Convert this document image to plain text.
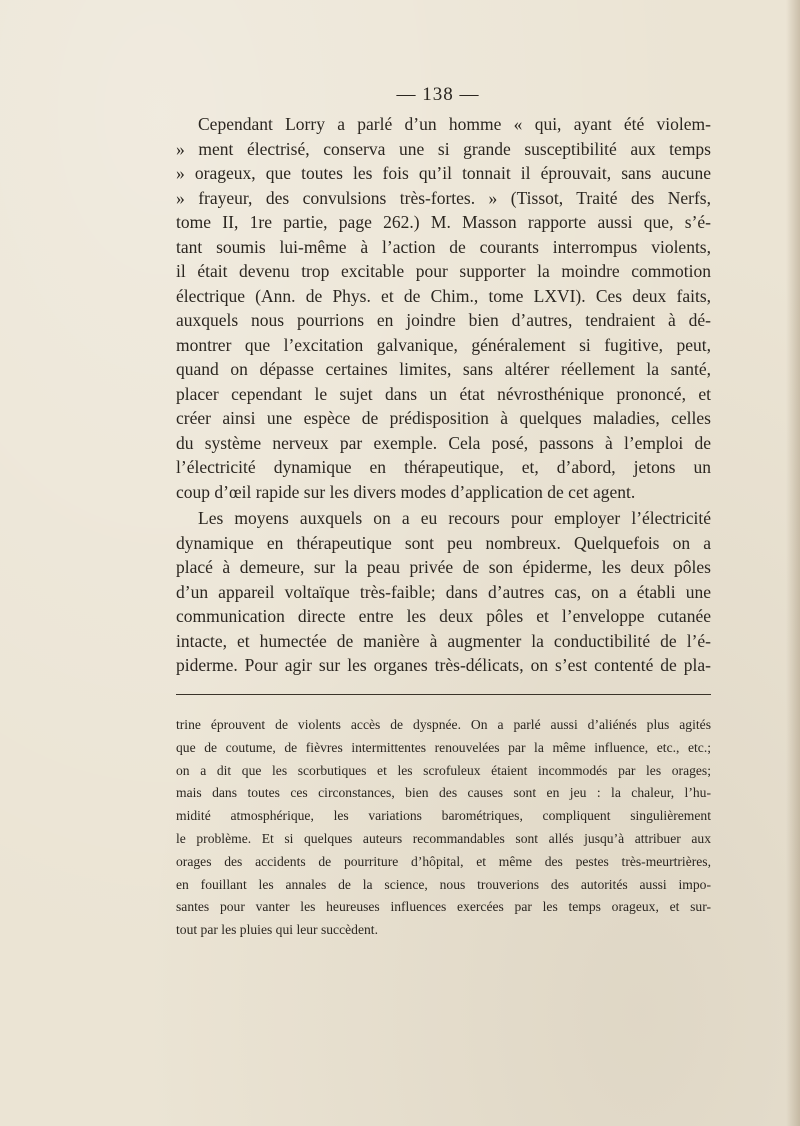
— 138 —
Cependant Lorry a parlé d’un homme « qui, ayant été violem-
» ment électrisé, conserva une si grande susceptibilité aux temps
» orageux, que toutes les fois qu’il tonnait il éprouvait, sans aucune
» frayeur, des convulsions très-fortes. » (Tissot, Traité des Nerfs,
tome II, 1re partie, page 262.) M. Masson rapporte aussi que, s’é-
tant soumis lui-même à l’action de courants interrompus violents,
il était devenu trop excitable pour supporter la moindre commotion
électrique (Ann. de Phys. et de Chim., tome LXVI). Ces deux faits,
auxquels nous pourrions en joindre bien d’autres, tendraient à dé-
montrer que l’excitation galvanique, généralement si fugitive, peut,
quand on dépasse certaines limites, sans altérer réellement la santé,
placer cependant le sujet dans un état névrosthénique prononcé, et
créer ainsi une espèce de prédisposition à quelques maladies, celles
du système nerveux par exemple. Cela posé, passons à l’emploi de
l’électricité dynamique en thérapeutique, et, d’abord, jetons un
coup d’œil rapide sur les divers modes d’application de cet agent.
Les moyens auxquels on a eu recours pour employer l’électricité
dynamique en thérapeutique sont peu nombreux. Quelquefois on a
placé à demeure, sur la peau privée de son épiderme, les deux pôles
d’un appareil voltaïque très-faible; dans d’autres cas, on a établi une
communication directe entre les deux pôles et l’enveloppe cutanée
intacte, et humectée de manière à augmenter la conductibilité de l’é-
piderme. Pour agir sur les organes très-délicats, on s’est contenté de pla-
trine éprouvent de violents accès de dyspnée. On a parlé aussi d’aliénés plus agités
que de coutume, de fièvres intermittentes renouvelées par la même influence, etc., etc.;
on a dit que les scorbutiques et les scrofuleux étaient incommodés par les orages;
mais dans toutes ces circonstances, bien des causes sont en jeu : la chaleur, l’hu-
midité atmosphérique, les variations barométriques, compliquent singulièrement
le problème. Et si quelques auteurs recommandables sont allés jusqu’à attribuer aux
orages des accidents de pourriture d’hôpital, et même des pestes très-meurtrières,
en fouillant les annales de la science, nous trouverions des autorités aussi impo-
santes pour vanter les heureuses influences exercées par les temps orageux, et sur-
tout par les pluies qui leur succèdent.
